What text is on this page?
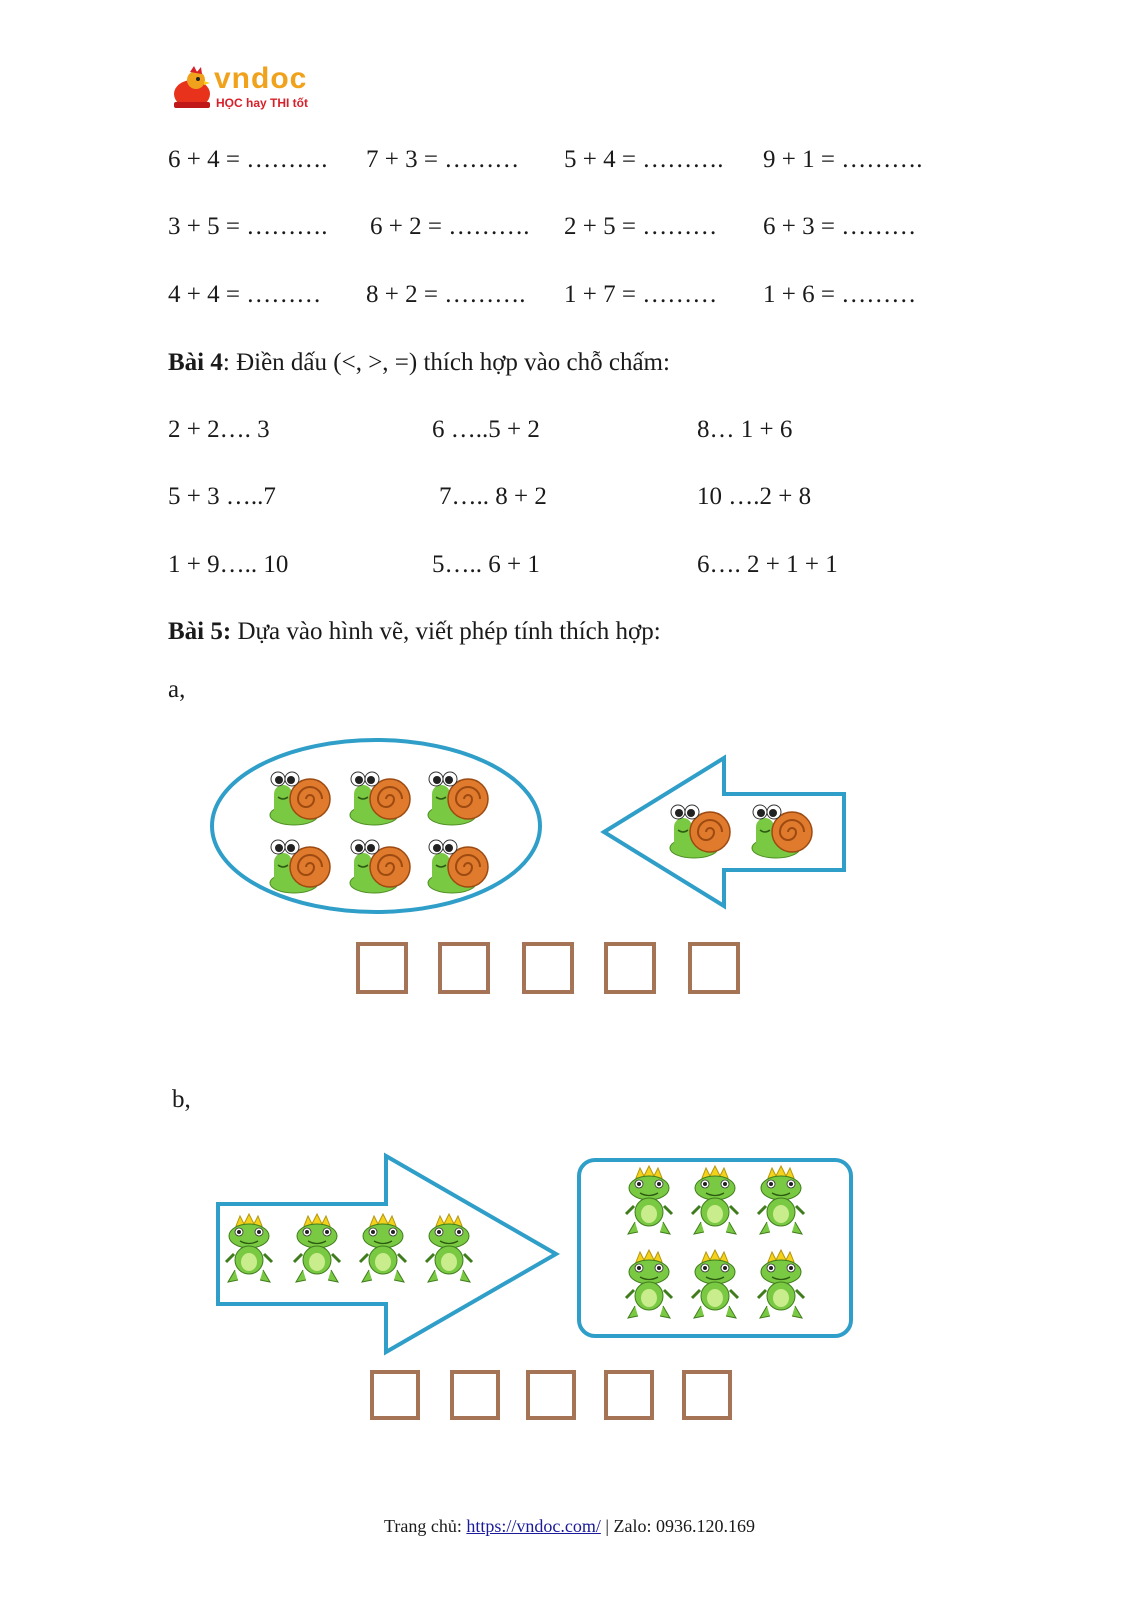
vndoc
HỌC hay THI tốt
6 + 4 = ………. 7 + 3 = ……… 5 + 4 = ………. 9 + 1 = ……….
3 + 5 = ………. 6 + 2 = ………. 2 + 5 = ……… 6 + 3 = ………
4 + 4 = ……… 8 + 2 = ………. 1 + 7 = ……… 1 + 6 = ………
Bài 4: Điền dấu (<, >, =) thích hợp vào chỗ chấm:
2 + 2…. 3	6 …..5 + 2	8… 1 + 6
5 + 3 …..7	7….. 8 + 2	10 ….2 + 8
1 + 9….. 10	5….. 6 + 1	6…. 2 + 1 + 1
Bài 5: Dựa vào hình vẽ, viết phép tính thích hợp:
a,
b,
Trang chủ: https://vndoc.com/ | Zalo: 0936.120.169
